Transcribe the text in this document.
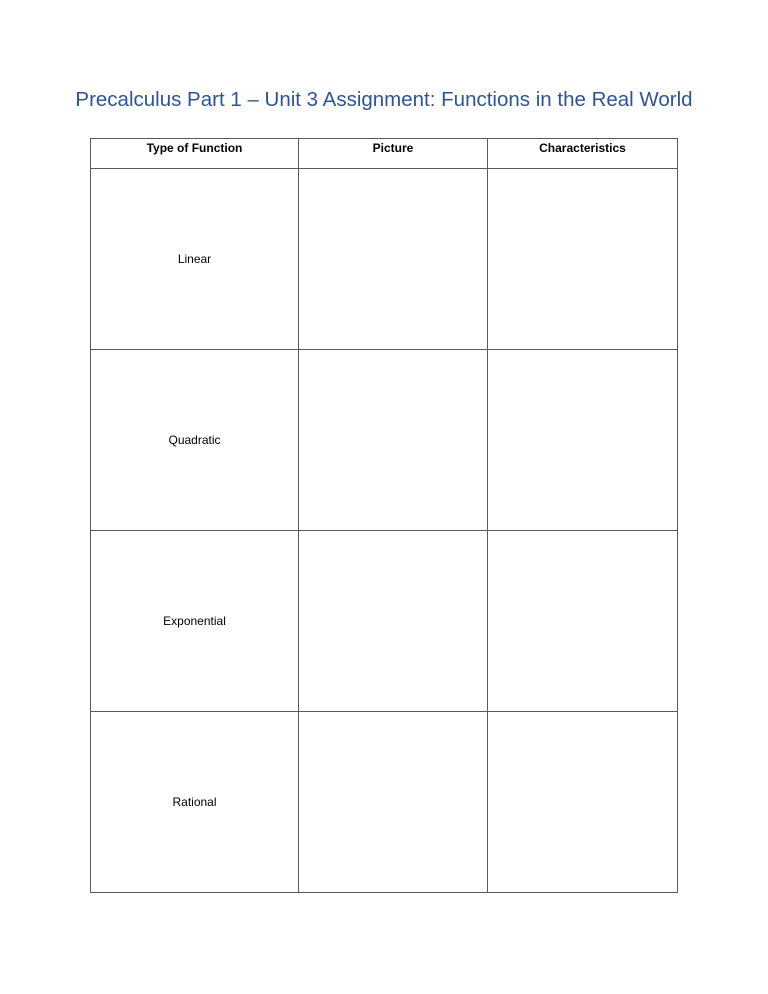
Precalculus Part 1 – Unit 3 Assignment: Functions in the Real World
Type of Function	Picture	Characteristics
Linear		
Quadratic		
Exponential		
Rational		
